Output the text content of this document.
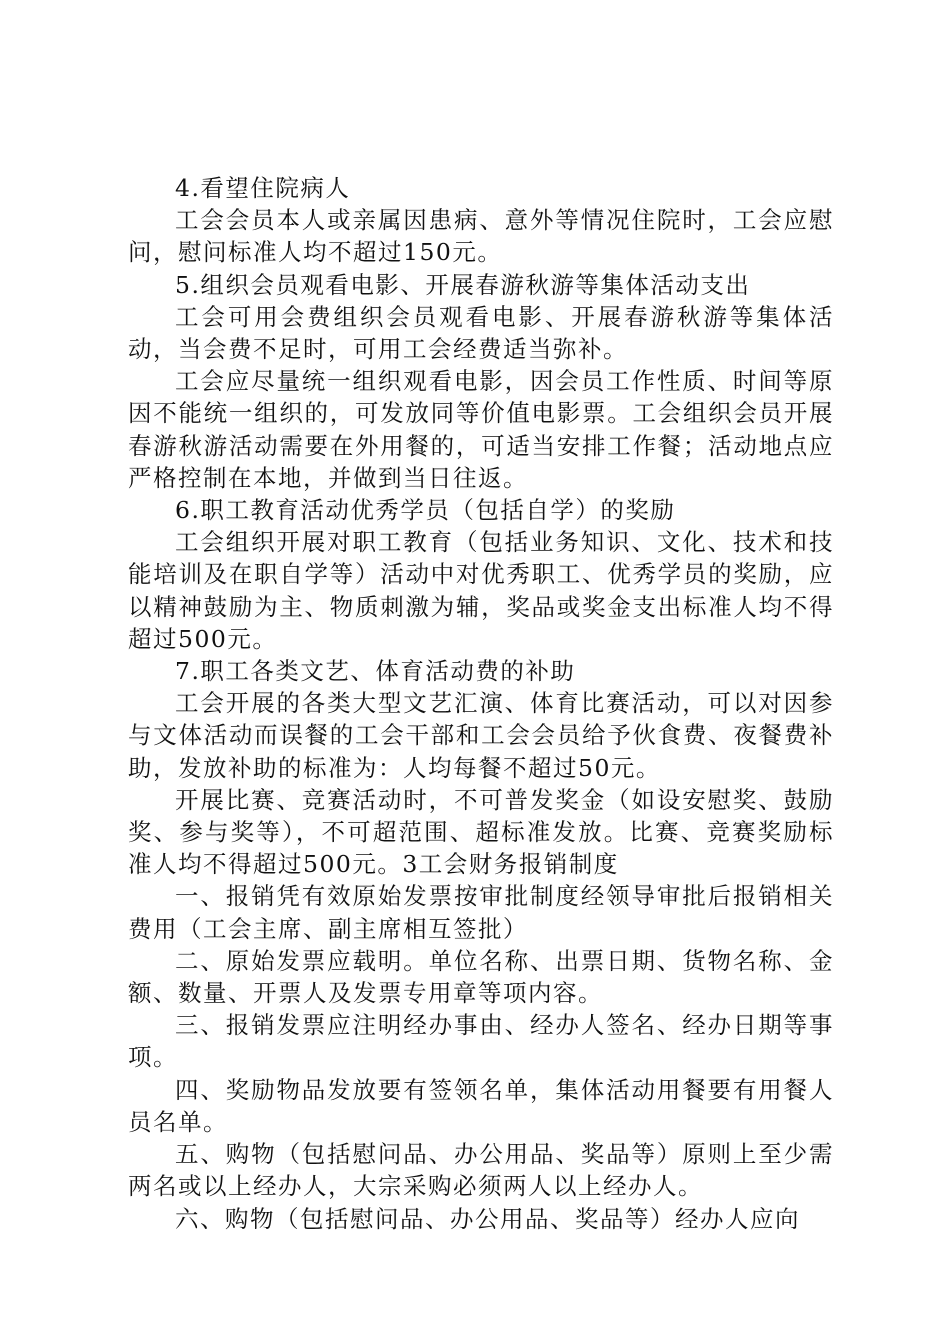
4.看望住院病人

工会会员本人或亲属因患病、意外等情况住院时，工会应慰问，慰问标准人均不超过150元。

5.组织会员观看电影、开展春游秋游等集体活动支出

工会可用会费组织会员观看电影、开展春游秋游等集体活动，当会费不足时，可用工会经费适当弥补。

工会应尽量统一组织观看电影，因会员工作性质、时间等原因不能统一组织的，可发放同等价值电影票。工会组织会员开展春游秋游活动需要在外用餐的，可适当安排工作餐；活动地点应严格控制在本地，并做到当日往返。

6.职工教育活动优秀学员（包括自学）的奖励

工会组织开展对职工教育（包括业务知识、文化、技术和技能培训及在职自学等）活动中对优秀职工、优秀学员的奖励，应以精神鼓励为主、物质刺激为辅，奖品或奖金支出标准人均不得超过500元。

7.职工各类文艺、体育活动费的补助

工会开展的各类大型文艺汇演、体育比赛活动，可以对因参与文体活动而误餐的工会干部和工会会员给予伙食费、夜餐费补助，发放补助的标准为：人均每餐不超过50元。

开展比赛、竞赛活动时，不可普发奖金（如设安慰奖、鼓励奖、参与奖等），不可超范围、超标准发放。比赛、竞赛奖励标准人均不得超过500元。3工会财务报销制度

一、报销凭有效原始发票按审批制度经领导审批后报销相关费用（工会主席、副主席相互签批）

二、原始发票应载明。单位名称、出票日期、货物名称、金额、数量、开票人及发票专用章等项内容。

三、报销发票应注明经办事由、经办人签名、经办日期等事项。

四、奖励物品发放要有签领名单，集体活动用餐要有用餐人员名单。

五、购物（包括慰问品、办公用品、奖品等）原则上至少需两名或以上经办人，大宗采购必须两人以上经办人。

六、购物（包括慰问品、办公用品、奖品等）经办人应向
